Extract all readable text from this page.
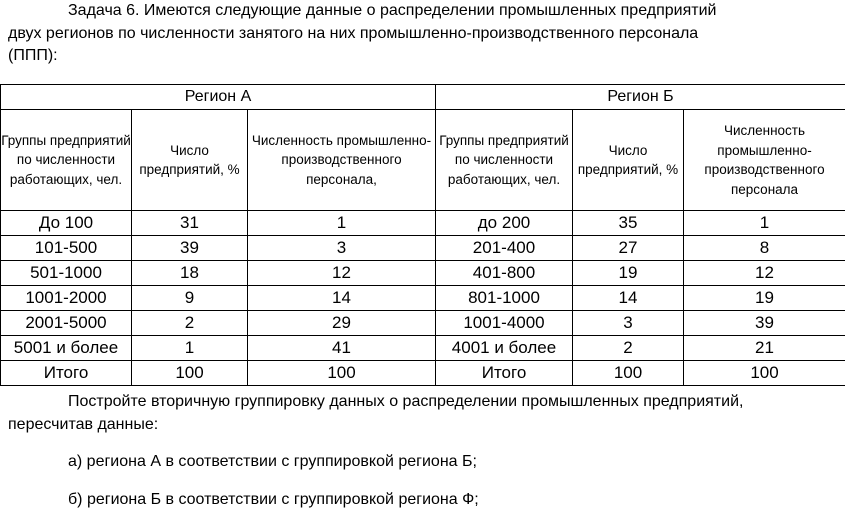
Задача 6. Имеются следующие данные о распределении промышленных предприятий
двух регионов по численности занятого на них промышленно-производственного персонала
(ППП):

Регион А			Регион Б		
Группы предприятий по численности работающих, чел.	Число предприятий, %	Численность промышленно-производственного персонала,	Группы предприятий по численности работающих, чел.	Число предприятий, %	Численность промышленно-производственного персонала
До 100	31	1	до 200	35	1
101-500	39	3	201-400	27	8
501-1000	18	12	401-800	19	12
1001-2000	9	14	801-1000	14	19
2001-5000	2	29	1001-4000	3	39
5001 и более	1	41	4001 и более	2	21
Итого	100	100	Итого	100	100

Постройте вторичную группировку данных о распределении промышленных предприятий,
пересчитав данные:

а) региона А в соответствии с группировкой региона Б;

б) региона Б в соответствии с группировкой региона Ф;
